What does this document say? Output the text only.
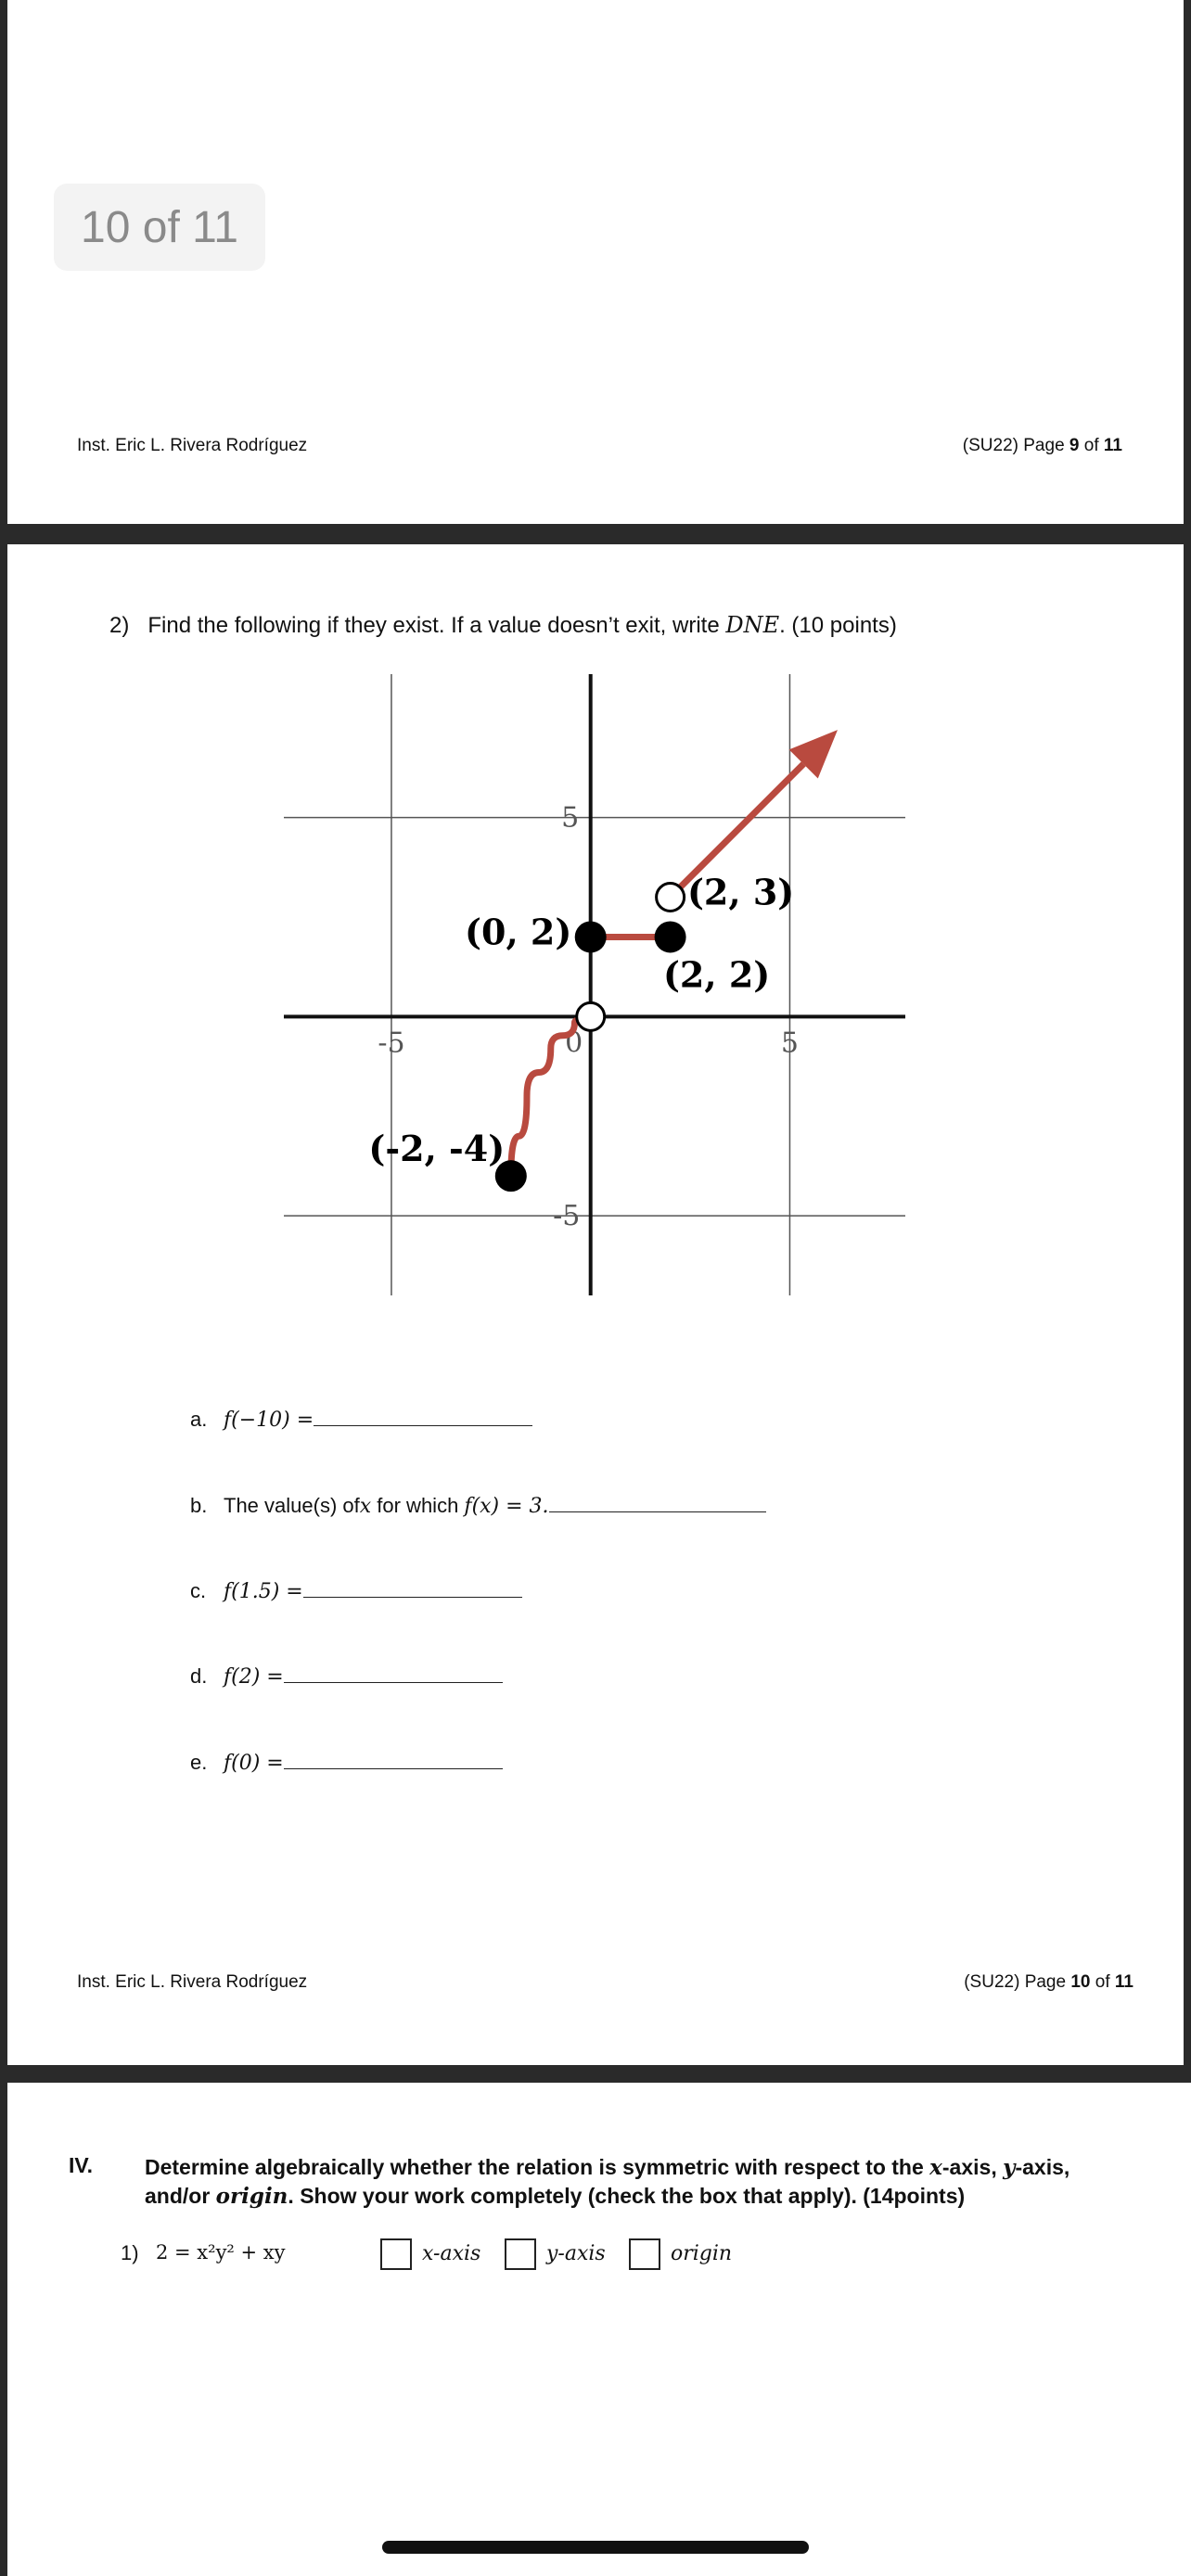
10 of 11
Inst. Eric L. Rivera Rodríguez	(SU22) Page 9 of 11
2) Find the following if they exist. If a value doesn’t exit, write DNE. (10 points)
-5	5
0
5
-5
(-2, -4)
(0, 2)
(2, 2)
(2, 3)
a. f(−10) =
b. The value(s) of x for which f(x) = 3.
c. f(1.5) =
d. f(2) =
e. f(0) =
Inst. Eric L. Rivera Rodríguez	(SU22) Page 10 of 11
IV. Determine algebraically whether the relation is symmetric with respect to the x-axis, y-axis, and/or origin. Show your work completely (check the box that apply). (14points)
1) 2 = x²y² + xy	x-axis	y-axis	origin
